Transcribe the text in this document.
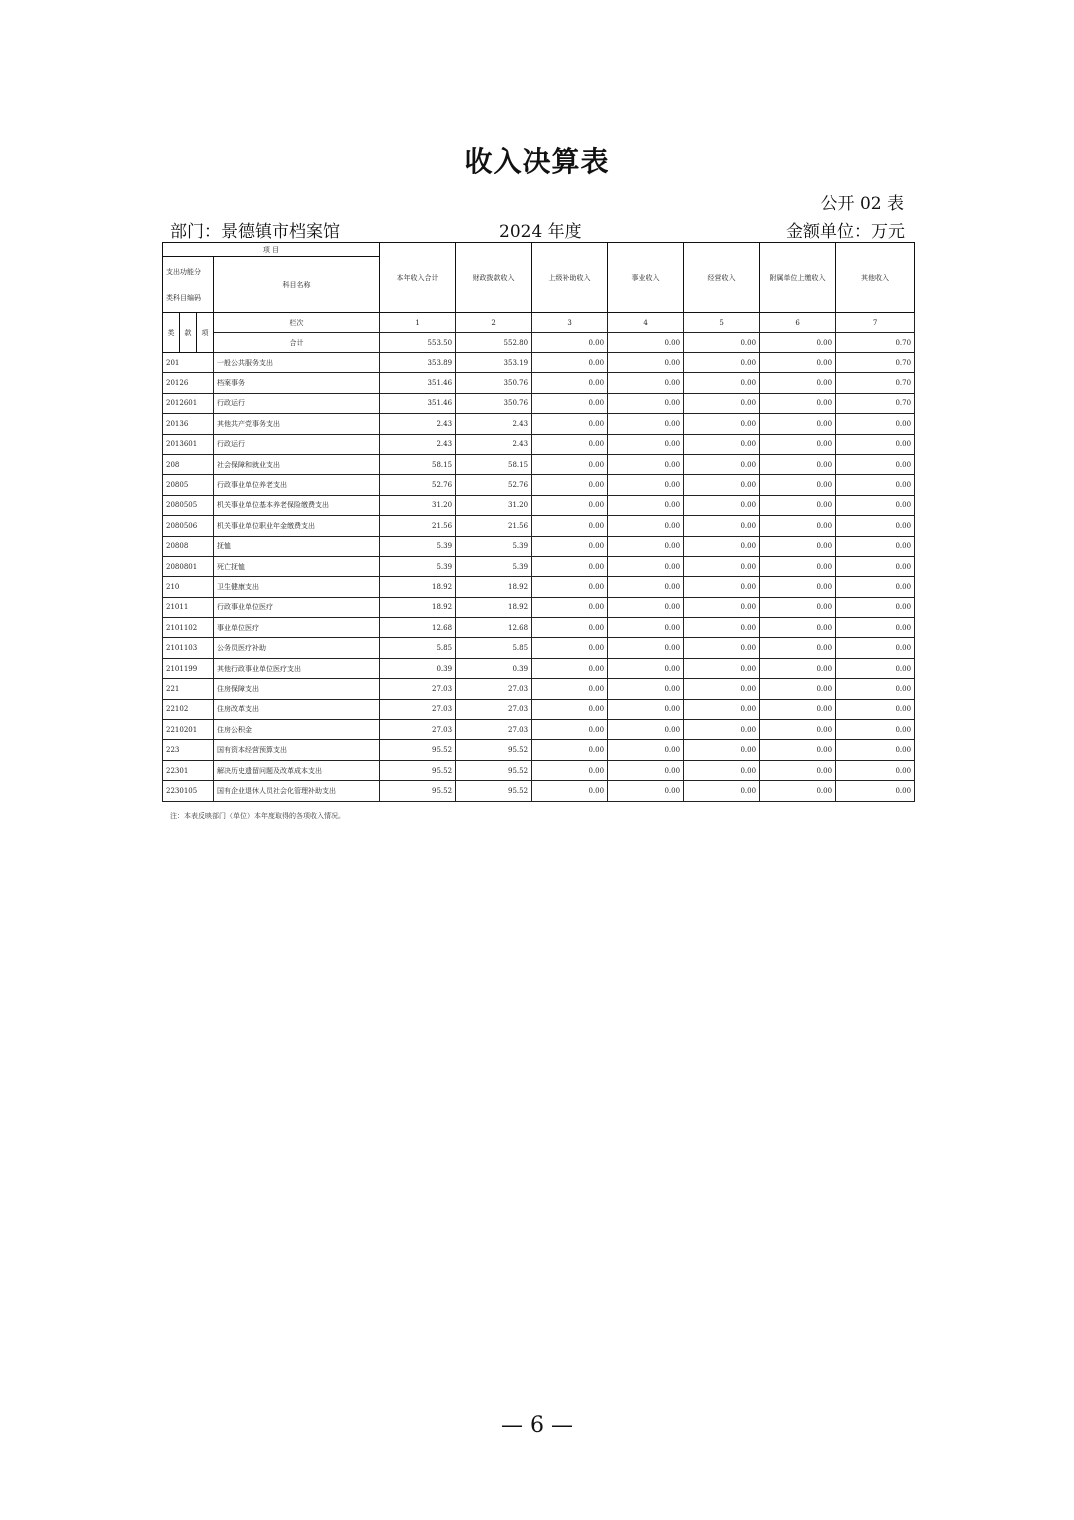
收入决算表
公开 02 表
部门：景德镇市档案馆	2024 年度	金额单位：万元
项 目				本年收入合计	财政拨款收入	上级补助收入	事业收入	经营收入	附属单位上缴收入	其他收入

支出功能分
类科目编码			科目名称							
类	款	项	栏次	1	2	3	4	5	6	7
			合计	553.50	552.80	0.00	0.00	0.00	0.00	0.70
201			一般公共服务支出	353.89	353.19	0.00	0.00	0.00	0.00	0.70
20126			档案事务	351.46	350.76	0.00	0.00	0.00	0.00	0.70
2012601			行政运行	351.46	350.76	0.00	0.00	0.00	0.00	0.70
20136			其他共产党事务支出	2.43	2.43	0.00	0.00	0.00	0.00	0.00
2013601			行政运行	2.43	2.43	0.00	0.00	0.00	0.00	0.00
208			社会保障和就业支出	58.15	58.15	0.00	0.00	0.00	0.00	0.00
20805			行政事业单位养老支出	52.76	52.76	0.00	0.00	0.00	0.00	0.00
2080505			机关事业单位基本养老保险缴费支出	31.20	31.20	0.00	0.00	0.00	0.00	0.00
2080506			机关事业单位职业年金缴费支出	21.56	21.56	0.00	0.00	0.00	0.00	0.00
20808			抚恤	5.39	5.39	0.00	0.00	0.00	0.00	0.00
2080801			死亡抚恤	5.39	5.39	0.00	0.00	0.00	0.00	0.00
210			卫生健康支出	18.92	18.92	0.00	0.00	0.00	0.00	0.00
21011			行政事业单位医疗	18.92	18.92	0.00	0.00	0.00	0.00	0.00
2101102			事业单位医疗	12.68	12.68	0.00	0.00	0.00	0.00	0.00
2101103			公务员医疗补助	5.85	5.85	0.00	0.00	0.00	0.00	0.00
2101199			其他行政事业单位医疗支出	0.39	0.39	0.00	0.00	0.00	0.00	0.00
221			住房保障支出	27.03	27.03	0.00	0.00	0.00	0.00	0.00
22102			住房改革支出	27.03	27.03	0.00	0.00	0.00	0.00	0.00
2210201			住房公积金	27.03	27.03	0.00	0.00	0.00	0.00	0.00
223			国有资本经营预算支出	95.52	95.52	0.00	0.00	0.00	0.00	0.00
22301			解决历史遗留问题及改革成本支出	95.52	95.52	0.00	0.00	0.00	0.00	0.00
2230105			国有企业退休人员社会化管理补助支出	95.52	95.52	0.00	0.00	0.00	0.00	0.00
注：本表反映部门（单位）本年度取得的各项收入情况。
— 6 —
